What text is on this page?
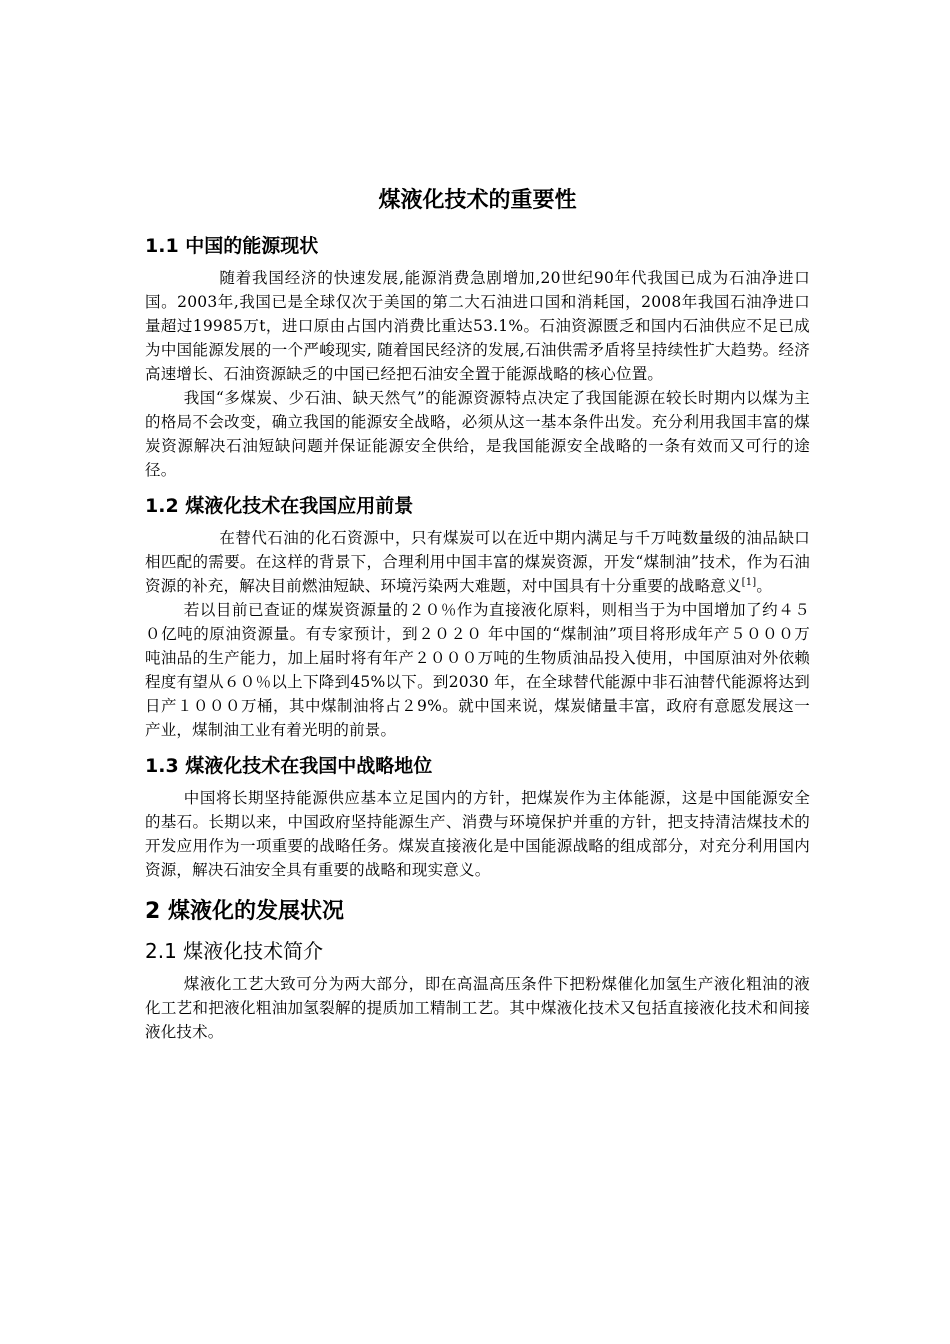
煤液化技术的重要性
1.1 中国的能源现状

随着我国经济的快速发展,能源消费急剧增加,20世纪90年代我国已成为石油净进口国。2003年,我国已是全球仅次于美国的第二大石油进口国和消耗国，2008年我国石油净进口量超过19985万t，进口原由占国内消费比重达53.1%。石油资源匮乏和国内石油供应不足已成为中国能源发展的一个严峻现实, 随着国民经济的发展,石油供需矛盾将呈持续性扩大趋势。经济高速增长、石油资源缺乏的中国已经把石油安全置于能源战略的核心位置。

我国“多煤炭、少石油、缺天然气”的能源资源特点决定了我国能源在较长时期内以煤为主的格局不会改变，确立我国的能源安全战略，必须从这一基本条件出发。充分利用我国丰富的煤炭资源解决石油短缺问题并保证能源安全供给，是我国能源安全战略的一条有效而又可行的途径。

1.2 煤液化技术在我国应用前景

在替代石油的化石资源中，只有煤炭可以在近中期内满足与千万吨数量级的油品缺口相匹配的需要。在这样的背景下，合理利用中国丰富的煤炭资源，开发“煤制油”技术，作为石油资源的补充，解决目前燃油短缺、环境污染两大难题，对中国具有十分重要的战略意义[1]。

若以目前已查证的煤炭资源量的２０％作为直接液化原料，则相当于为中国增加了约４５０亿吨的原油资源量。有专家预计，到２０２０ 年中国的“煤制油”项目将形成年产５０００万吨油品的生产能力，加上届时将有年产２０００万吨的生物质油品投入使用，中国原油对外依赖程度有望从６０％以上下降到45%以下。到2030 年，在全球替代能源中非石油替代能源将达到日产１０００万桶，其中煤制油将占２9%。就中国来说，煤炭储量丰富，政府有意愿发展这一产业，煤制油工业有着光明的前景。

1.3 煤液化技术在我国中战略地位

中国将长期坚持能源供应基本立足国内的方针，把煤炭作为主体能源，这是中国能源安全的基石。长期以来，中国政府坚持能源生产、消费与环境保护并重的方针，把支持清洁煤技术的开发应用作为一项重要的战略任务。煤炭直接液化是中国能源战略的组成部分，对充分利用国内资源，解决石油安全具有重要的战略和现实意义。

2 煤液化的发展状况
2.1 煤液化技术简介

煤液化工艺大致可分为两大部分，即在高温高压条件下把粉煤催化加氢生产液化粗油的液化工艺和把液化粗油加氢裂解的提质加工精制工艺。其中煤液化技术又包括直接液化技术和间接液化技术。
